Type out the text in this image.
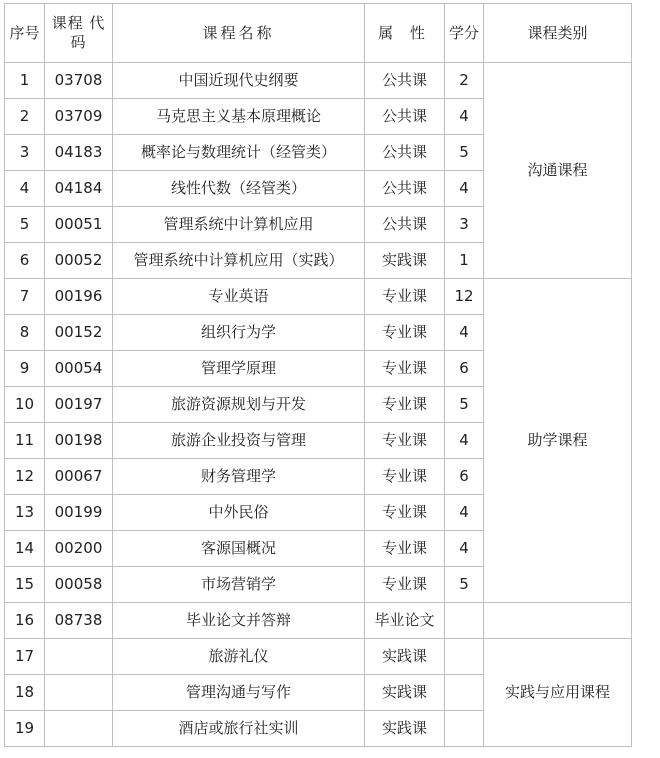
序号	课程 代码	课程名称	属 性	学分	课程类别
1	03708	中国近现代史纲要	公共课	2	沟通课程
2	03709	马克思主义基本原理概论	公共课	4	
3	04183	概率论与数理统计（经管类）	公共课	5	
4	04184	线性代数（经管类）	公共课	4	
5	00051	管理系统中计算机应用	公共课	3	
6	00052	管理系统中计算机应用（实践）	实践课	1	
7	00196	专业英语	专业课	12	助学课程
8	00152	组织行为学	专业课	4	
9	00054	管理学原理	专业课	6	
10	00197	旅游资源规划与开发	专业课	5	
11	00198	旅游企业投资与管理	专业课	4	
12	00067	财务管理学	专业课	6	
13	00199	中外民俗	专业课	4	
14	00200	客源国概况	专业课	4	
15	00058	市场营销学	专业课	5	
16	08738	毕业论文并答辩	毕业论文		
17		旅游礼仪	实践课		实践与应用课程
18		管理沟通与写作	实践课		
19		酒店或旅行社实训	实践课		
